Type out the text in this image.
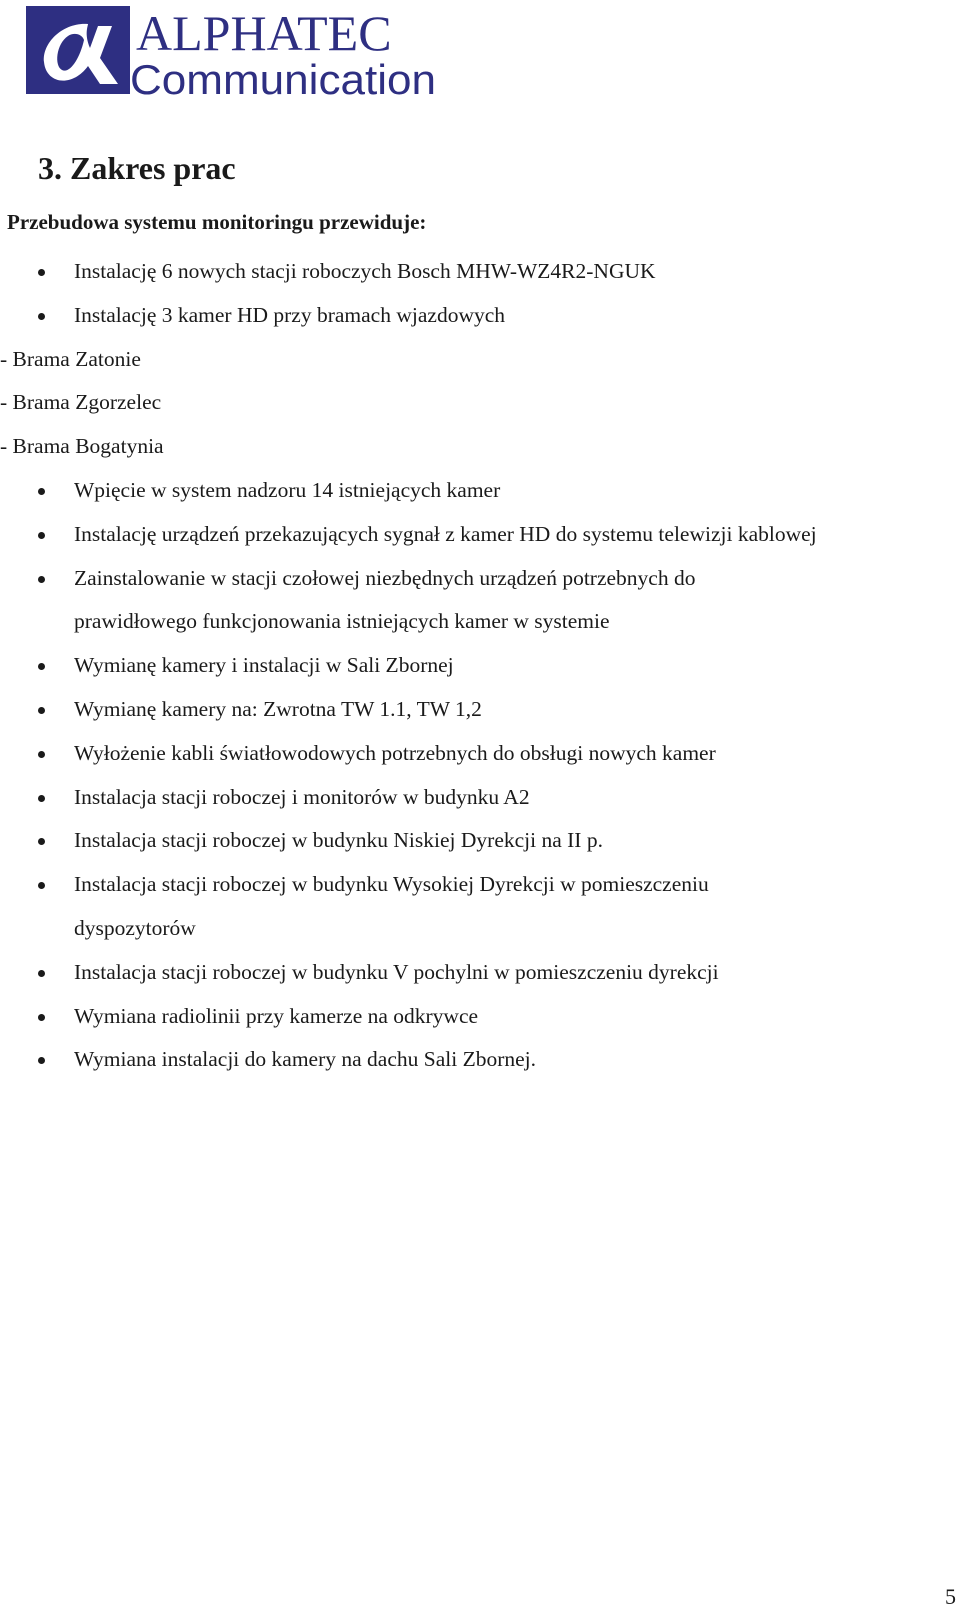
ALPHATEC
Communication
3. Zakres prac

Przebudowa systemu monitoringu przewiduje:

Instalację 6 nowych stacji roboczych Bosch MHW-WZ4R2-NGUK
Instalację 3 kamer HD przy bramach wjazdowych
- Brama Zatonie
- Brama Zgorzelec
- Brama Bogatynia
Wpięcie w system nadzoru 14 istniejących kamer
Instalację urządzeń przekazujących sygnał z kamer HD do systemu telewizji kablowej
Zainstalowanie w stacji czołowej niezbędnych urządzeń potrzebnych do
prawidłowego funkcjonowania istniejących kamer w systemie
Wymianę kamery i instalacji w Sali Zbornej
Wymianę kamery na: Zwrotna TW 1.1, TW 1,2
Wyłożenie kabli światłowodowych potrzebnych do obsługi nowych kamer
Instalacja stacji roboczej i monitorów w budynku A2
Instalacja stacji roboczej w budynku Niskiej Dyrekcji na II p.
Instalacja stacji roboczej w budynku Wysokiej Dyrekcji w pomieszczeniu
dyspozytorów
Instalacja stacji roboczej w budynku V pochylni w pomieszczeniu dyrekcji
Wymiana radiolinii przy kamerze na odkrywce
Wymiana instalacji do kamery na dachu Sali Zbornej.
5
